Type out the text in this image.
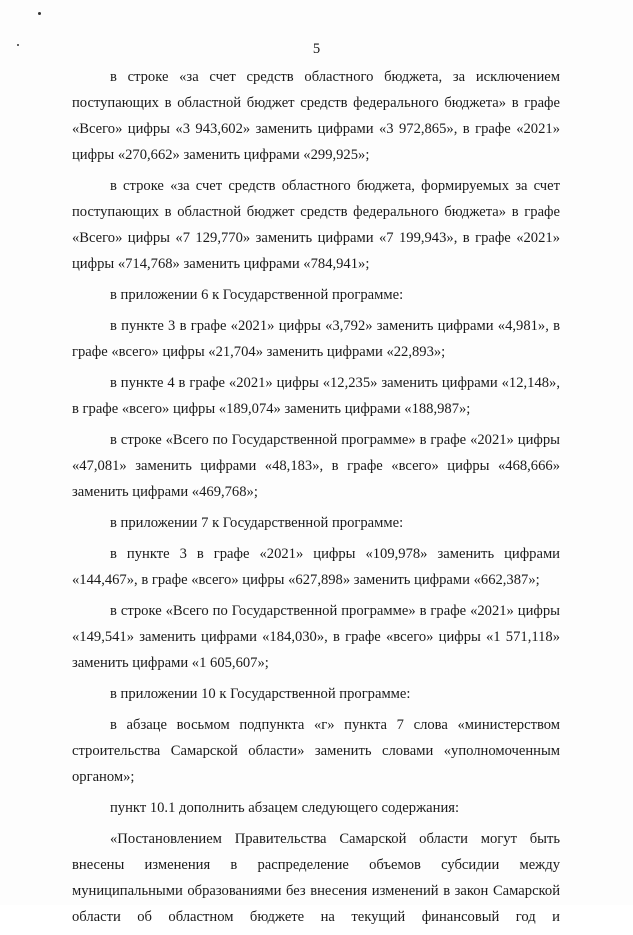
5

в строке «за счет средств областного бюджета, за исключением поступающих в областной бюджет средств федерального бюджета» в графе «Всего» цифры «3 943,602» заменить цифрами «3 972,865», в графе «2021» цифры «270,662» заменить цифрами «299,925»;

в строке «за счет средств областного бюджета, формируемых за счет поступающих в областной бюджет средств федерального бюджета» в графе «Всего» цифры «7 129,770» заменить цифрами «7 199,943», в графе «2021» цифры «714,768» заменить цифрами «784,941»;

в приложении 6 к Государственной программе:

в пункте 3 в графе «2021» цифры «3,792» заменить цифрами «4,981», в графе «всего» цифры «21,704» заменить цифрами «22,893»;

в пункте 4 в графе «2021» цифры «12,235» заменить цифрами «12,148», в графе «всего» цифры «189,074» заменить цифрами «188,987»;

в строке «Всего по Государственной программе» в графе «2021» цифры «47,081» заменить цифрами «48,183», в графе «всего» цифры «468,666» заменить цифрами «469,768»;

в приложении 7 к Государственной программе:

в пункте 3 в графе «2021» цифры «109,978» заменить цифрами «144,467», в графе «всего» цифры «627,898» заменить цифрами «662,387»;

в строке «Всего по Государственной программе» в графе «2021» цифры «149,541» заменить цифрами «184,030», в графе «всего» цифры «1 571,118» заменить цифрами «1 605,607»;

в приложении 10 к Государственной программе:

в абзаце восьмом подпункта «г» пункта 7 слова «министерством строительства Самарской области» заменить словами «уполномоченным органом»;

пункт 10.1 дополнить абзацем следующего содержания:

«Постановлением Правительства Самарской области могут быть внесены изменения в распределение объемов субсидии между муниципальными образованиями без внесения изменений в закон Самарской области об областном бюджете на текущий финансовый год и
